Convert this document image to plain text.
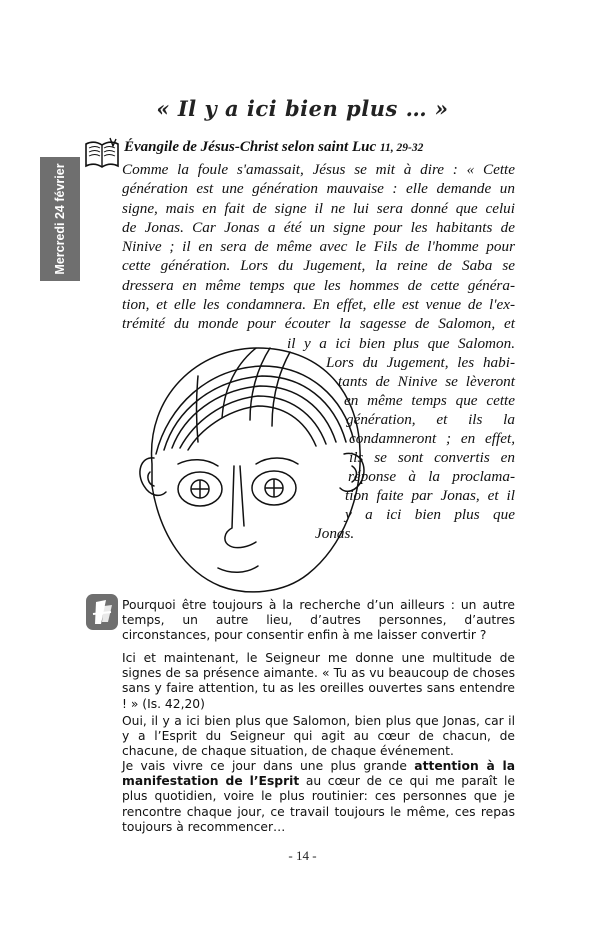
« Il y a ici bien plus … »
Mercredi 24 février
Évangile de Jésus-Christ selon saint Luc 11, 29-32
Comme la foule s'amassait, Jésus se mit à dire : « Cette
génération est une génération mauvaise : elle demande un
signe, mais en fait de signe il ne lui sera donné que celui
de Jonas. Car Jonas a été un signe pour les habitants de
Ninive ; il en sera de même avec le Fils de l'homme pour
cette génération. Lors du Jugement, la reine de Saba se
dressera en même temps que les hommes de cette généra-
tion, et elle les condamnera. En effet, elle est venue de l'ex-
trémité du monde pour écouter la sagesse de Salomon, et
il y a ici bien plus que Salomon.
Lors du Jugement, les habi-
tants de Ninive se lèveront
en même temps que cette
génération, et ils la
condamneront ; en effet,
ils se sont convertis en
réponse à la proclama-
tion faite par Jonas, et il
y a ici bien plus que
Jonas.

Pourquoi être toujours à la recherche d’un ailleurs : un autre temps, un autre lieu, d’autres personnes, d’autres circonstances, pour consentir enfin à me laisser convertir ?

Ici et maintenant, le Seigneur me donne une multitude de signes de sa présence aimante. « Tu as vu beaucoup de choses sans y faire attention, tu as les oreilles ouvertes sans entendre ! » (Is. 42,20)

Oui, il y a ici bien plus que Salomon, bien plus que Jonas, car il y a l’Esprit du Seigneur qui agit au cœur de chacun, de chacune, de chaque situation, de chaque événement.

Je vais vivre ce jour dans une plus grande attention à la manifestation de l’Esprit au cœur de ce qui me paraît le plus quotidien, voire le plus routinier: ces personnes que je rencontre chaque jour, ce travail toujours le même, ces repas toujours à recommencer…

- 14 -
